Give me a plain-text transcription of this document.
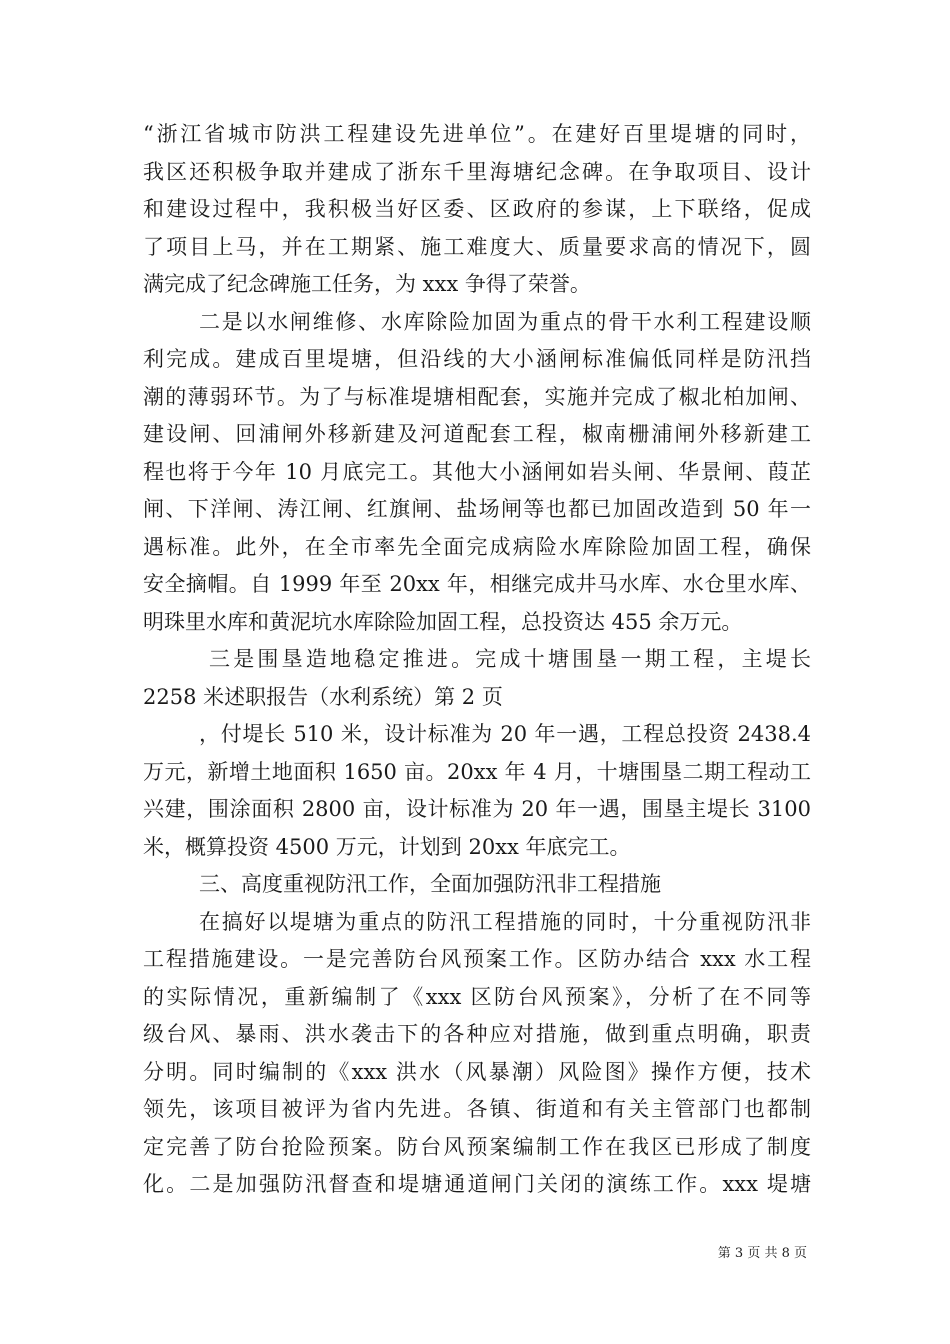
“浙江省城市防洪工程建设先进单位”。在建好百里堤塘的同时，
我区还积极争取并建成了浙东千里海塘纪念碑。在争取项目、设计
和建设过程中，我积极当好区委、区政府的参谋，上下联络，促成
了项目上马，并在工期紧、施工难度大、质量要求高的情况下，圆
满完成了纪念碑施工任务，为 xxx 争得了荣誉。
二是以水闸维修、水库除险加固为重点的骨干水利工程建设顺
利完成。建成百里堤塘，但沿线的大小涵闸标准偏低同样是防汛挡
潮的薄弱环节。为了与标准堤塘相配套，实施并完成了椒北柏加闸、
建设闸、回浦闸外移新建及河道配套工程，椒南栅浦闸外移新建工
程也将于今年 10 月底完工。其他大小涵闸如岩头闸、华景闸、葭芷
闸、下洋闸、涛江闸、红旗闸、盐场闸等也都已加固改造到 50 年一
遇标准。此外，在全市率先全面完成病险水库除险加固工程，确保
安全摘帽。自 1999 年至 20xx 年，相继完成井马水库、水仓里水库、
明珠里水库和黄泥坑水库除险加固工程，总投资达 455 余万元。
三是围垦造地稳定推进。完成十塘围垦一期工程，主堤长
2258 米述职报告（水利系统）第 2 页
，付堤长 510 米，设计标准为 20 年一遇，工程总投资 2438.4
万元，新增土地面积 1650 亩。20xx 年 4 月，十塘围垦二期工程动工
兴建，围涂面积 2800 亩，设计标准为 20 年一遇，围垦主堤长 3100
米，概算投资 4500 万元，计划到 20xx 年底完工。
三、高度重视防汛工作，全面加强防汛非工程措施
在搞好以堤塘为重点的防汛工程措施的同时，十分重视防汛非
工程措施建设。一是完善防台风预案工作。区防办结合 xxx 水工程
的实际情况，重新编制了《xxx 区防台风预案》，分析了在不同等
级台风、暴雨、洪水袭击下的各种应对措施，做到重点明确，职责
分明。同时编制的《xxx 洪水（风暴潮）风险图》操作方便，技术
领先，该项目被评为省内先进。各镇、街道和有关主管部门也都制
定完善了防台抢险预案。防台风预案编制工作在我区已形成了制度
化。二是加强防汛督查和堤塘通道闸门关闭的演练工作。xxx 堤塘
第 3 页 共 8 页
